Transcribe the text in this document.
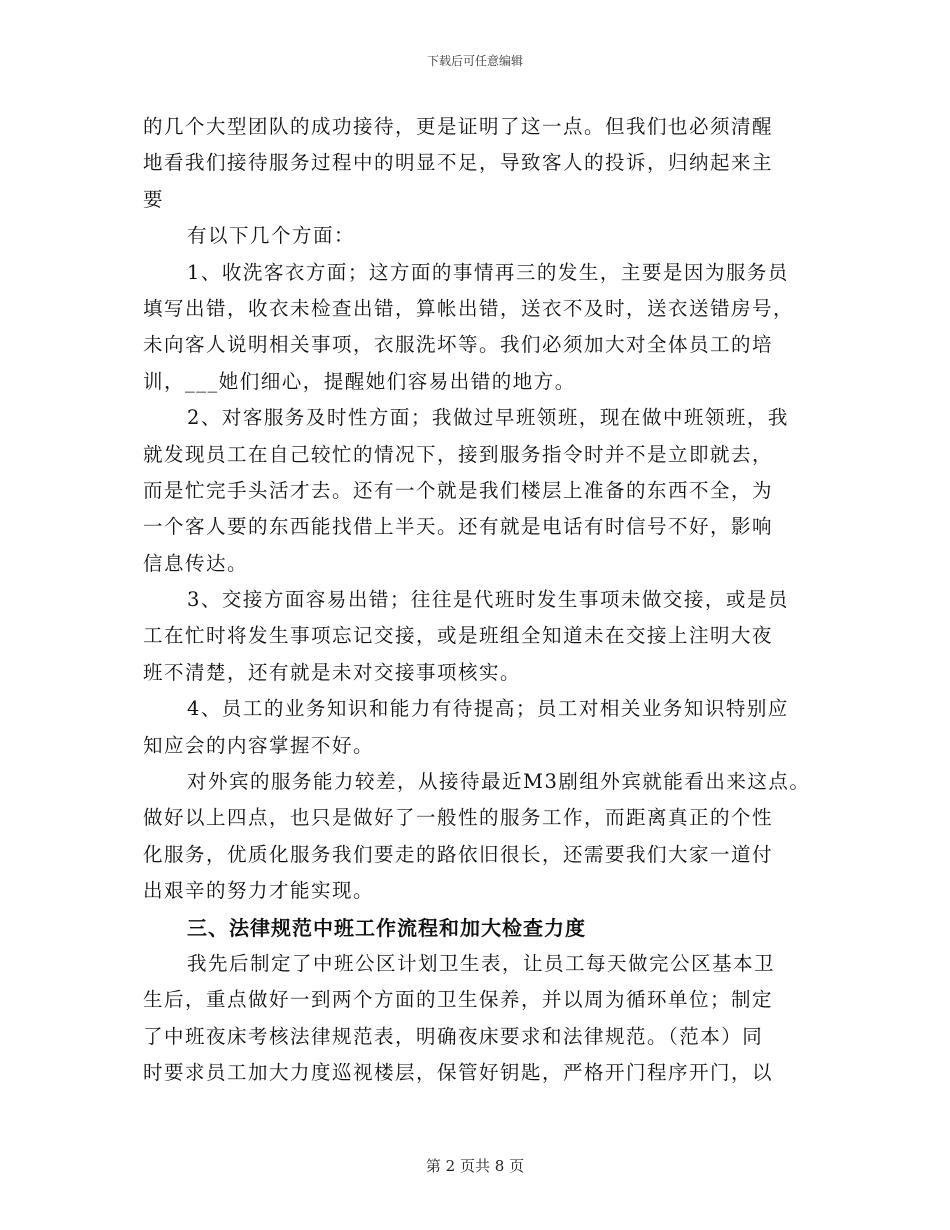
下载后可任意编辑
的几个大型团队的成功接待，更是证明了这一点。但我们也必须清醒
地看我们接待服务过程中的明显不足，导致客人的投诉，归纳起来主
要
有以下几个方面：
1、收洗客衣方面；这方面的事情再三的发生，主要是因为服务员
填写出错，收衣未检查出错，算帐出错，送衣不及时，送衣送错房号，
未向客人说明相关事项，衣服洗坏等。我们必须加大对全体员工的培
训，___她们细心，提醒她们容易出错的地方。
2、对客服务及时性方面；我做过早班领班，现在做中班领班，我
就发现员工在自己较忙的情况下，接到服务指令时并不是立即就去，
而是忙完手头活才去。还有一个就是我们楼层上准备的东西不全，为
一个客人要的东西能找借上半天。还有就是电话有时信号不好，影响
信息传达。
3、交接方面容易出错；往往是代班时发生事项未做交接，或是员
工在忙时将发生事项忘记交接，或是班组全知道未在交接上注明大夜
班不清楚，还有就是未对交接事项核实。
4、员工的业务知识和能力有待提高；员工对相关业务知识特别应
知应会的内容掌握不好。
对外宾的服务能力较差，从接待最近M3剧组外宾就能看出来这点。
做好以上四点，也只是做好了一般性的服务工作，而距离真正的个性
化服务，优质化服务我们要走的路依旧很长，还需要我们大家一道付
出艰辛的努力才能实现。
三、法律规范中班工作流程和加大检查力度
我先后制定了中班公区计划卫生表，让员工每天做完公区基本卫
生后，重点做好一到两个方面的卫生保养，并以周为循环单位；制定
了中班夜床考核法律规范表，明确夜床要求和法律规范。（范本）同
时要求员工加大力度巡视楼层，保管好钥匙，严格开门程序开门，以
第 2 页共 8 页
